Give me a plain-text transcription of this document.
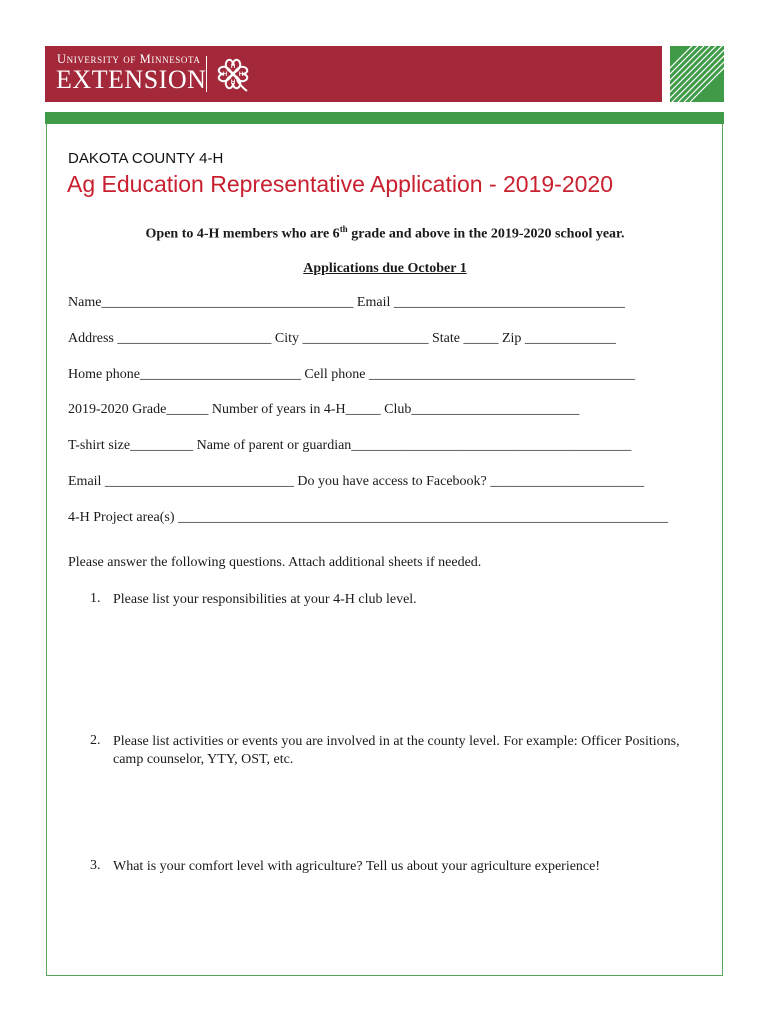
University of Minnesota
EXTENSION	H
H
H H
DAKOTA COUNTY 4-H
Ag Education Representative Application - 2019-2020
Open to 4-H members who are 6th grade and above in the 2019-2020 school year.
Applications due October 1
Name____________________________________ Email _________________________________
Address ______________________ City __________________ State _____ Zip _____________
Home phone_______________________ Cell phone ______________________________________
2019-2020 Grade______ Number of years in 4-H_____ Club________________________
T-shirt size_________ Name of parent or guardian________________________________________
Email ___________________________ Do you have access to Facebook? ______________________
4-H Project area(s) ______________________________________________________________________
Please answer the following questions. Attach additional sheets if needed.
1. Please list your responsibilities at your 4-H club level.
2. Please list activities or events you are involved in at the county level. For example: Officer Positions, camp counselor, YTY, OST, etc.
3. What is your comfort level with agriculture? Tell us about your agriculture experience!
